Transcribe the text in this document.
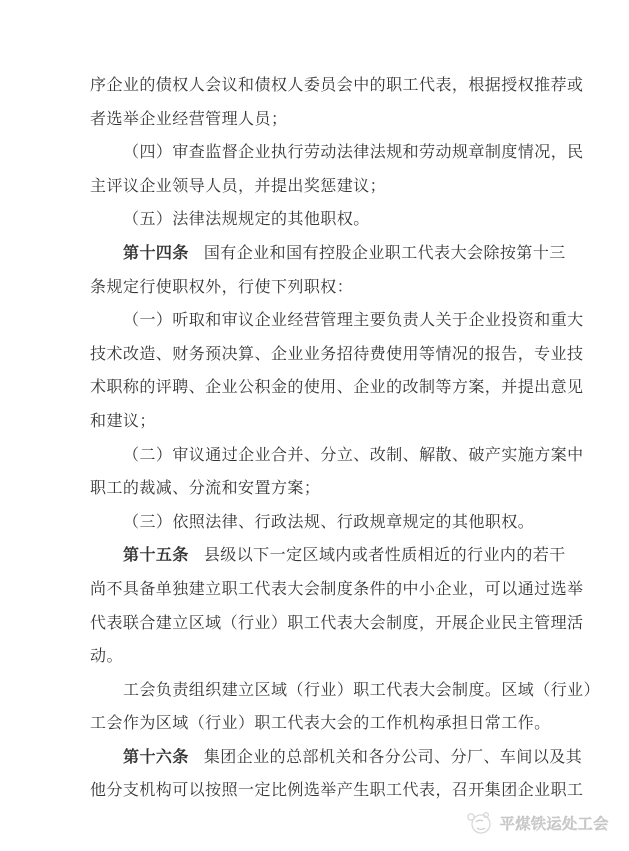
序企业的债权人会议和债权人委员会中的职工代表，根据授权推荐或
者选举企业经营管理人员；
（四）审查监督企业执行劳动法律法规和劳动规章制度情况，民
主评议企业领导人员，并提出奖惩建议；
（五）法律法规规定的其他职权。
第十四条 国有企业和国有控股企业职工代表大会除按第十三
条规定行使职权外，行使下列职权：
（一）听取和审议企业经营管理主要负责人关于企业投资和重大
技术改造、财务预决算、企业业务招待费使用等情况的报告，专业技
术职称的评聘、企业公积金的使用、企业的改制等方案，并提出意见
和建议；
（二）审议通过企业合并、分立、改制、解散、破产实施方案中
职工的裁减、分流和安置方案；
（三）依照法律、行政法规、行政规章规定的其他职权。
第十五条 县级以下一定区域内或者性质相近的行业内的若干
尚不具备单独建立职工代表大会制度条件的中小企业，可以通过选举
代表联合建立区域（行业）职工代表大会制度，开展企业民主管理活
动。
工会负责组织建立区域（行业）职工代表大会制度。区域（行业）
工会作为区域（行业）职工代表大会的工作机构承担日常工作。
第十六条 集团企业的总部机关和各分公司、分厂、车间以及其
他分支机构可以按照一定比例选举产生职工代表，召开集团企业职工
平煤铁运处工会
